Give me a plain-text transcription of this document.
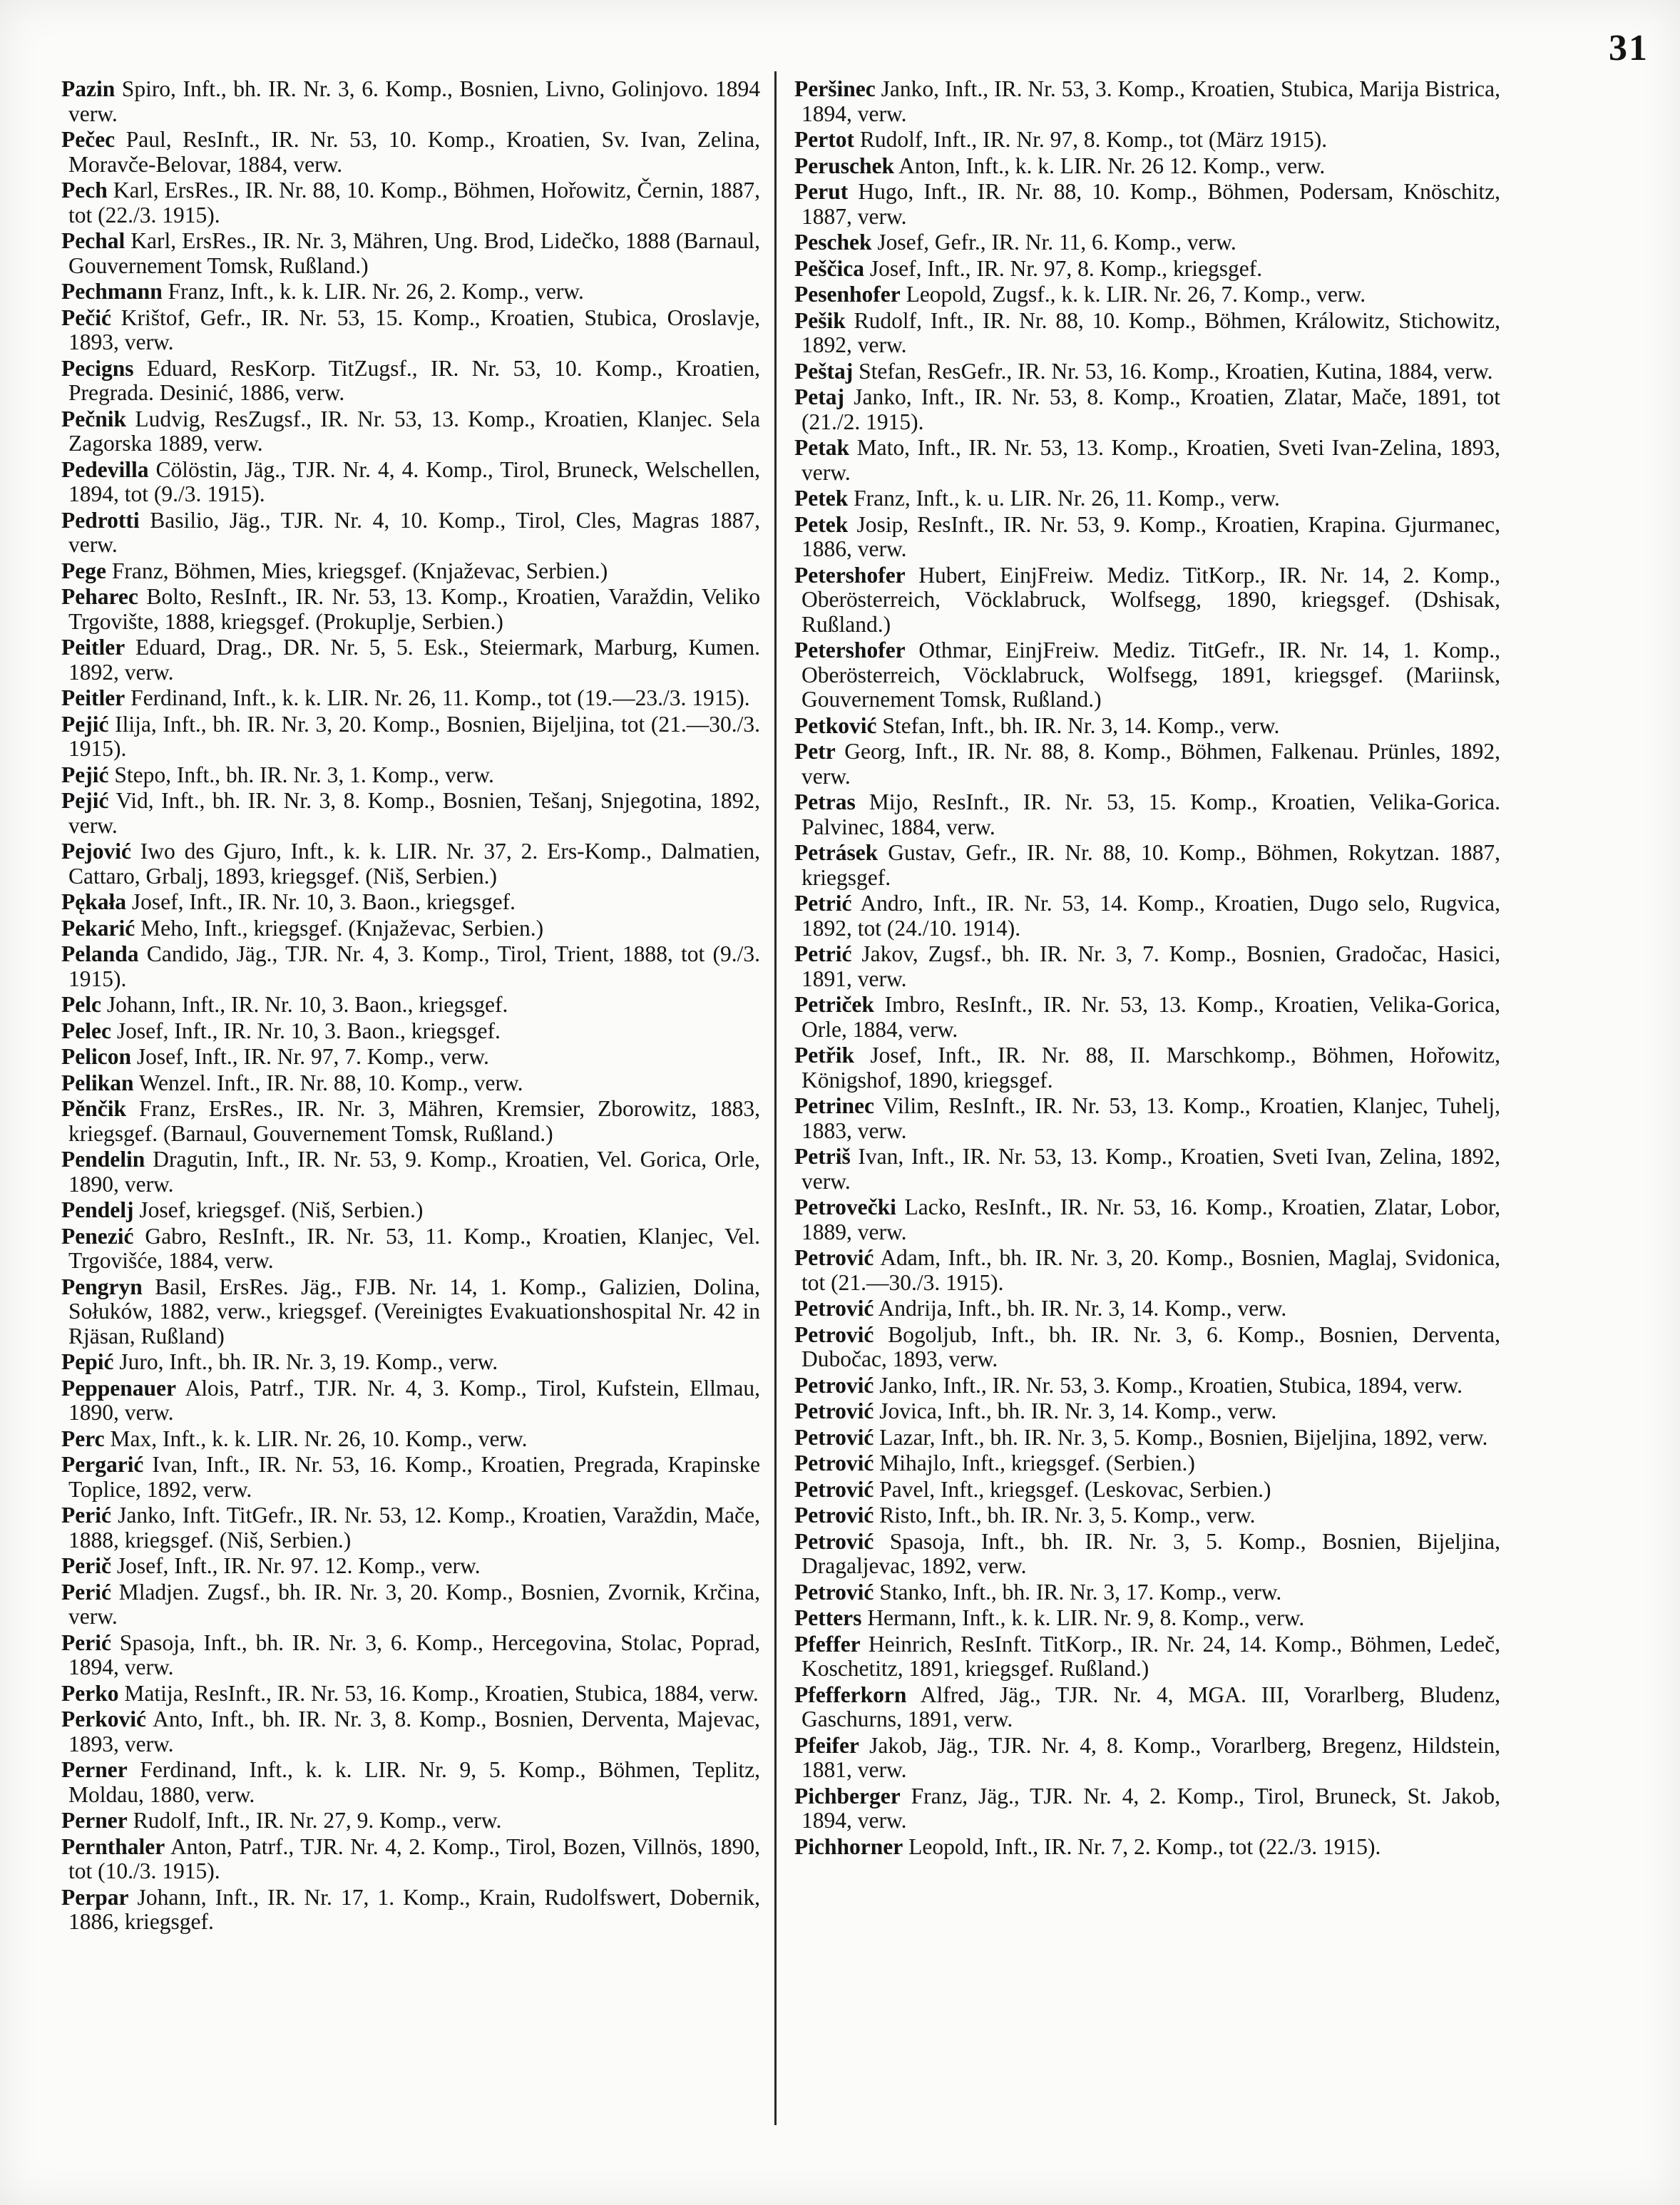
31

Pazin Spiro, Inft., bh. IR. Nr. 3, 6. Komp., Bosnien, Livno, Golinjovo. 1894 verw.

Pečec Paul, ResInft., IR. Nr. 53, 10. Komp., Kroatien, Sv. Ivan, Zelina, Moravče-Belovar, 1884, verw.

Pech Karl, ErsRes., IR. Nr. 88, 10. Komp., Böhmen, Hořowitz, Černin, 1887, tot (22./3. 1915).

Pechal Karl, ErsRes., IR. Nr. 3, Mähren, Ung. Brod, Lidečko, 1888 (Barnaul, Gouvernement Tomsk, Rußland.)

Pechmann Franz, Inft., k. k. LIR. Nr. 26, 2. Komp., verw.

Pečić Krištof, Gefr., IR. Nr. 53, 15. Komp., Kroatien, Stubica, Oroslavje, 1893, verw.

Pecigns Eduard, ResKorp. TitZugsf., IR. Nr. 53, 10. Komp., Kroatien, Pregrada. Desinić, 1886, verw.

Pečnik Ludvig, ResZugsf., IR. Nr. 53, 13. Komp., Kroatien, Klanjec. Sela Zagorska 1889, verw.

Pedevilla Cölöstin, Jäg., TJR. Nr. 4, 4. Komp., Tirol, Bruneck, Welschellen, 1894, tot (9./3. 1915).

Pedrotti Basilio, Jäg., TJR. Nr. 4, 10. Komp., Tirol, Cles, Magras 1887, verw.

Pege Franz, Böhmen, Mies, kriegsgef. (Knjaževac, Serbien.)

Peharec Bolto, ResInft., IR. Nr. 53, 13. Komp., Kroatien, Varaždin, Veliko Trgovište, 1888, kriegsgef. (Prokuplje, Serbien.)

Peitler Eduard, Drag., DR. Nr. 5, 5. Esk., Steiermark, Marburg, Kumen. 1892, verw.

Peitler Ferdinand, Inft., k. k. LIR. Nr. 26, 11. Komp., tot (19.—23./3. 1915).

Pejić Ilija, Inft., bh. IR. Nr. 3, 20. Komp., Bosnien, Bijeljina, tot (21.—30./3. 1915).

Pejić Stepo, Inft., bh. IR. Nr. 3, 1. Komp., verw.

Pejić Vid, Inft., bh. IR. Nr. 3, 8. Komp., Bosnien, Tešanj, Snjegotina, 1892, verw.

Pejović Iwo des Gjuro, Inft., k. k. LIR. Nr. 37, 2. Ers-Komp., Dalmatien, Cattaro, Grbalj, 1893, kriegsgef. (Niš, Serbien.)

Pękała Josef, Inft., IR. Nr. 10, 3. Baon., kriegsgef.

Pekarić Meho, Inft., kriegsgef. (Knjaževac, Serbien.)

Pelanda Candido, Jäg., TJR. Nr. 4, 3. Komp., Tirol, Trient, 1888, tot (9./3. 1915).

Pelc Johann, Inft., IR. Nr. 10, 3. Baon., kriegsgef.

Pelec Josef, Inft., IR. Nr. 10, 3. Baon., kriegsgef.

Pelicon Josef, Inft., IR. Nr. 97, 7. Komp., verw.

Pelikan Wenzel. Inft., IR. Nr. 88, 10. Komp., verw.

Pěnčik Franz, ErsRes., IR. Nr. 3, Mähren, Kremsier, Zborowitz, 1883, kriegsgef. (Barnaul, Gouvernement Tomsk, Rußland.)

Pendelin Dragutin, Inft., IR. Nr. 53, 9. Komp., Kroatien, Vel. Gorica, Orle, 1890, verw.

Pendelj Josef, kriegsgef. (Niš, Serbien.)

Penezić Gabro, ResInft., IR. Nr. 53, 11. Komp., Kroatien, Klanjec, Vel. Trgovišće, 1884, verw.

Pengryn Basil, ErsRes. Jäg., FJB. Nr. 14, 1. Komp., Galizien, Dolina, Sołuków, 1882, verw., kriegsgef. (Vereinigtes Evakuationshospital Nr. 42 in Rjäsan, Rußland)

Pepić Juro, Inft., bh. IR. Nr. 3, 19. Komp., verw.

Peppenauer Alois, Patrf., TJR. Nr. 4, 3. Komp., Tirol, Kufstein, Ellmau, 1890, verw.

Perc Max, Inft., k. k. LIR. Nr. 26, 10. Komp., verw.

Pergarić Ivan, Inft., IR. Nr. 53, 16. Komp., Kroatien, Pregrada, Krapinske Toplice, 1892, verw.

Perić Janko, Inft. TitGefr., IR. Nr. 53, 12. Komp., Kroatien, Varaždin, Mače, 1888, kriegsgef. (Niš, Serbien.)

Perič Josef, Inft., IR. Nr. 97. 12. Komp., verw.

Perić Mladjen. Zugsf., bh. IR. Nr. 3, 20. Komp., Bosnien, Zvornik, Krčina, verw.

Perić Spasoja, Inft., bh. IR. Nr. 3, 6. Komp., Hercegovina, Stolac, Poprad, 1894, verw.

Perko Matija, ResInft., IR. Nr. 53, 16. Komp., Kroatien, Stubica, 1884, verw.

Perković Anto, Inft., bh. IR. Nr. 3, 8. Komp., Bosnien, Derventa, Majevac, 1893, verw.

Perner Ferdinand, Inft., k. k. LIR. Nr. 9, 5. Komp., Böhmen, Teplitz, Moldau, 1880, verw.

Perner Rudolf, Inft., IR. Nr. 27, 9. Komp., verw.

Pernthaler Anton, Patrf., TJR. Nr. 4, 2. Komp., Tirol, Bozen, Villnös, 1890, tot (10./3. 1915).

Perpar Johann, Inft., IR. Nr. 17, 1. Komp., Krain, Rudolfswert, Dobernik, 1886, kriegsgef.

Peršinec Janko, Inft., IR. Nr. 53, 3. Komp., Kroatien, Stubica, Marija Bistrica, 1894, verw.

Pertot Rudolf, Inft., IR. Nr. 97, 8. Komp., tot (März 1915).

Peruschek Anton, Inft., k. k. LIR. Nr. 26 12. Komp., verw.

Perut Hugo, Inft., IR. Nr. 88, 10. Komp., Böhmen, Podersam, Knöschitz, 1887, verw.

Peschek Josef, Gefr., IR. Nr. 11, 6. Komp., verw.

Peščica Josef, Inft., IR. Nr. 97, 8. Komp., kriegsgef.

Pesenhofer Leopold, Zugsf., k. k. LIR. Nr. 26, 7. Komp., verw.

Pešik Rudolf, Inft., IR. Nr. 88, 10. Komp., Böhmen, Králowitz, Stichowitz, 1892, verw.

Peštaj Stefan, ResGefr., IR. Nr. 53, 16. Komp., Kroatien, Kutina, 1884, verw.

Petaj Janko, Inft., IR. Nr. 53, 8. Komp., Kroatien, Zlatar, Mače, 1891, tot (21./2. 1915).

Petak Mato, Inft., IR. Nr. 53, 13. Komp., Kroatien, Sveti Ivan-Zelina, 1893, verw.

Petek Franz, Inft., k. u. LIR. Nr. 26, 11. Komp., verw.

Petek Josip, ResInft., IR. Nr. 53, 9. Komp., Kroatien, Krapina. Gjurmanec, 1886, verw.

Petershofer Hubert, EinjFreiw. Mediz. TitKorp., IR. Nr. 14, 2. Komp., Oberösterreich, Vöcklabruck, Wolfsegg, 1890, kriegsgef. (Dshisak, Rußland.)

Petershofer Othmar, EinjFreiw. Mediz. TitGefr., IR. Nr. 14, 1. Komp., Oberösterreich, Vöcklabruck, Wolfsegg, 1891, kriegsgef. (Mariinsk, Gouvernement Tomsk, Rußland.)

Petković Stefan, Inft., bh. IR. Nr. 3, 14. Komp., verw.

Petr Georg, Inft., IR. Nr. 88, 8. Komp., Böhmen, Falkenau. Prünles, 1892, verw.

Petras Mijo, ResInft., IR. Nr. 53, 15. Komp., Kroatien, Velika-Gorica. Palvinec, 1884, verw.

Petrásek Gustav, Gefr., IR. Nr. 88, 10. Komp., Böhmen, Rokytzan. 1887, kriegsgef.

Petrić Andro, Inft., IR. Nr. 53, 14. Komp., Kroatien, Dugo selo, Rugvica, 1892, tot (24./10. 1914).

Petrić Jakov, Zugsf., bh. IR. Nr. 3, 7. Komp., Bosnien, Gradočac, Hasici, 1891, verw.

Petriček Imbro, ResInft., IR. Nr. 53, 13. Komp., Kroatien, Velika-Gorica, Orle, 1884, verw.

Petřik Josef, Inft., IR. Nr. 88, II. Marschkomp., Böhmen, Hořowitz, Königshof, 1890, kriegsgef.

Petrinec Vilim, ResInft., IR. Nr. 53, 13. Komp., Kroatien, Klanjec, Tuhelj, 1883, verw.

Petriš Ivan, Inft., IR. Nr. 53, 13. Komp., Kroatien, Sveti Ivan, Zelina, 1892, verw.

Petrovečki Lacko, ResInft., IR. Nr. 53, 16. Komp., Kroatien, Zlatar, Lobor, 1889, verw.

Petrović Adam, Inft., bh. IR. Nr. 3, 20. Komp., Bosnien, Maglaj, Svidonica, tot (21.—30./3. 1915).

Petrović Andrija, Inft., bh. IR. Nr. 3, 14. Komp., verw.

Petrović Bogoljub, Inft., bh. IR. Nr. 3, 6. Komp., Bosnien, Derventa, Dubočac, 1893, verw.

Petrović Janko, Inft., IR. Nr. 53, 3. Komp., Kroatien, Stubica, 1894, verw.

Petrović Jovica, Inft., bh. IR. Nr. 3, 14. Komp., verw.

Petrović Lazar, Inft., bh. IR. Nr. 3, 5. Komp., Bosnien, Bijeljina, 1892, verw.

Petrović Mihajlo, Inft., kriegsgef. (Serbien.)

Petrović Pavel, Inft., kriegsgef. (Leskovac, Serbien.)

Petrović Risto, Inft., bh. IR. Nr. 3, 5. Komp., verw.

Petrović Spasoja, Inft., bh. IR. Nr. 3, 5. Komp., Bosnien, Bijeljina, Dragaljevac, 1892, verw.

Petrović Stanko, Inft., bh. IR. Nr. 3, 17. Komp., verw.

Petters Hermann, Inft., k. k. LIR. Nr. 9, 8. Komp., verw.

Pfeffer Heinrich, ResInft. TitKorp., IR. Nr. 24, 14. Komp., Böhmen, Ledeč, Koschetitz, 1891, kriegsgef. Rußland.)

Pfefferkorn Alfred, Jäg., TJR. Nr. 4, MGA. III, Vorarlberg, Bludenz, Gaschurns, 1891, verw.

Pfeifer Jakob, Jäg., TJR. Nr. 4, 8. Komp., Vorarlberg, Bregenz, Hildstein, 1881, verw.

Pichberger Franz, Jäg., TJR. Nr. 4, 2. Komp., Tirol, Bruneck, St. Jakob, 1894, verw.

Pichhorner Leopold, Inft., IR. Nr. 7, 2. Komp., tot (22./3. 1915).
